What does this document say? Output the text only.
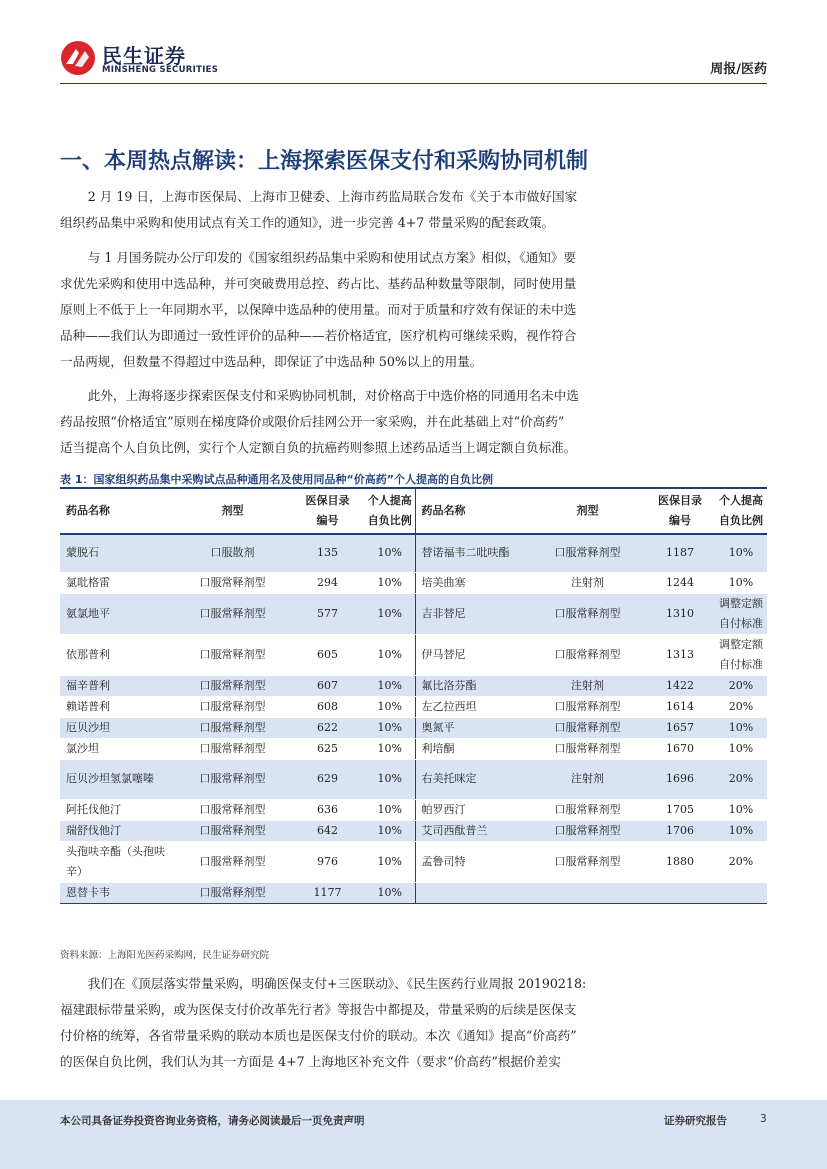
民生证券
MINSHENG SECURITIES	周报/医药
一、本周热点解读：上海探索医保支付和采购协同机制
2 月 19 日，上海市医保局、上海市卫健委、上海市药监局联合发布《关于本市做好国家
组织药品集中采购和使用试点有关工作的通知》，进一步完善 4+7 带量采购的配套政策。
与 1 月国务院办公厅印发的《国家组织药品集中采购和使用试点方案》相似，《通知》要
求优先采购和使用中选品种，并可突破费用总控、药占比、基药品种数量等限制，同时使用量
原则上不低于上一年同期水平，以保障中选品种的使用量。而对于质量和疗效有保证的未中选
品种——我们认为即通过一致性评价的品种——若价格适宜，医疗机构可继续采购，视作符合
一品两规，但数量不得超过中选品种，即保证了中选品种 50%以上的用量。
此外，上海将逐步探索医保支付和采购协同机制，对价格高于中选价格的同通用名未中选
药品按照“价格适宜”原则在梯度降价或限价后挂网公开一家采购，并在此基础上对“价高药”
适当提高个人自负比例，实行个人定额自负的抗癌药则参照上述药品适当上调定额自负标准。
表 1：国家组织药品集中采购试点品种通用名及使用同品种“价高药”个人提高的自负比例
药品名称	剂型	医保目录
编号	个人提高
自负比例	药品名称	剂型	医保目录
编号	个人提高
自负比例
蒙脱石	口服散剂	135	10%	替诺福韦二吡呋酯	口服常释剂型	1187	10%
氯吡格雷	口服常释剂型	294	10%	培美曲塞	注射剂	1244	10%
氨氯地平	口服常释剂型	577	10%	吉非替尼	口服常释剂型	1310	调整定额自付标准
依那普利	口服常释剂型	605	10%	伊马替尼	口服常释剂型	1313	调整定额自付标准
福辛普利	口服常释剂型	607	10%	氟比洛芬酯	注射剂	1422	20%
赖诺普利	口服常释剂型	608	10%	左乙拉西坦	口服常释剂型	1614	20%
厄贝沙坦	口服常释剂型	622	10%	奥氮平	口服常释剂型	1657	10%
氯沙坦	口服常释剂型	625	10%	利培酮	口服常释剂型	1670	10%
厄贝沙坦氢氯噻嗪	口服常释剂型	629	10%	右美托咪定	注射剂	1696	20%
阿托伐他汀	口服常释剂型	636	10%	帕罗西汀	口服常释剂型	1705	10%
瑞舒伐他汀	口服常释剂型	642	10%	艾司西酞普兰	口服常释剂型	1706	10%
头孢呋辛酯（头孢呋辛）	口服常释剂型	976	10%	孟鲁司特	口服常释剂型	1880	20%
恩替卡韦	口服常释剂型	1177	10%				
资料来源：上海阳光医药采购网，民生证券研究院
我们在《顶层落实带量采购，明确医保支付+三医联动》、《民生医药行业周报 20190218:
福建跟标带量采购，或为医保支付价改革先行者》等报告中都提及，带量采购的后续是医保支
付价格的统筹，各省带量采购的联动本质也是医保支付价的联动。本次《通知》提高“价高药”
的医保自负比例，我们认为其一方面是 4+7 上海地区补充文件（要求“价高药”根据价差实
本公司具备证券投资咨询业务资格，请务必阅读最后一页免责声明	证券研究报告	3
